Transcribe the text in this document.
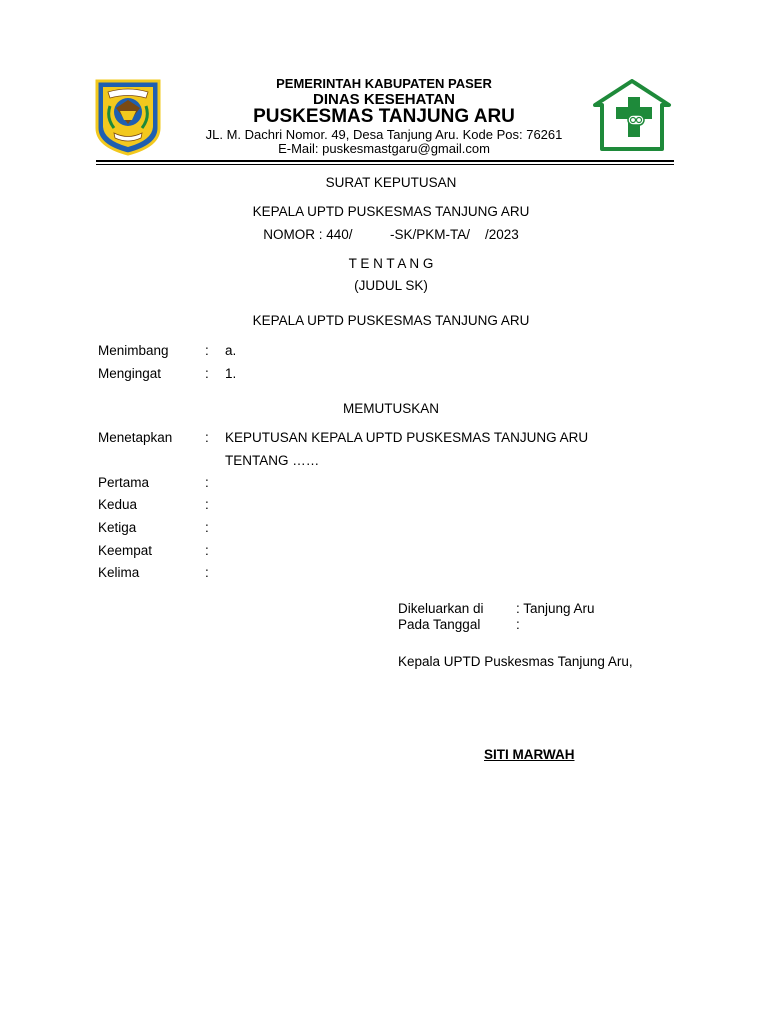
PEMERINTAH KABUPATEN PASER
DINAS KESEHATAN
PUSKESMAS TANJUNG ARU
JL. M. Dachri Nomor. 49, Desa Tanjung Aru. Kode Pos: 76261
E-Mail: puskesmastgaru@gmail.com
SURAT KEPUTUSAN
KEPALA UPTD PUSKESMAS TANJUNG ARU
NOMOR : 440/          -SK/PKM-TA/    /2023
T E N T A N G
(JUDUL SK)
KEPALA UPTD PUSKESMAS TANJUNG ARU
Menimbang	: a.
Mengingat	: 1.
MEMUTUSKAN
Menetapkan : KEPUTUSAN KEPALA UPTD PUSKESMAS TANJUNG ARU
TENTANG ……
Pertama	:
Kedua	:
Ketiga	:
Keempat	:
Kelima	:
Dikeluarkan di : Tanjung Aru
Pada Tanggal	:
Kepala UPTD Puskesmas Tanjung Aru,
SITI MARWAH
